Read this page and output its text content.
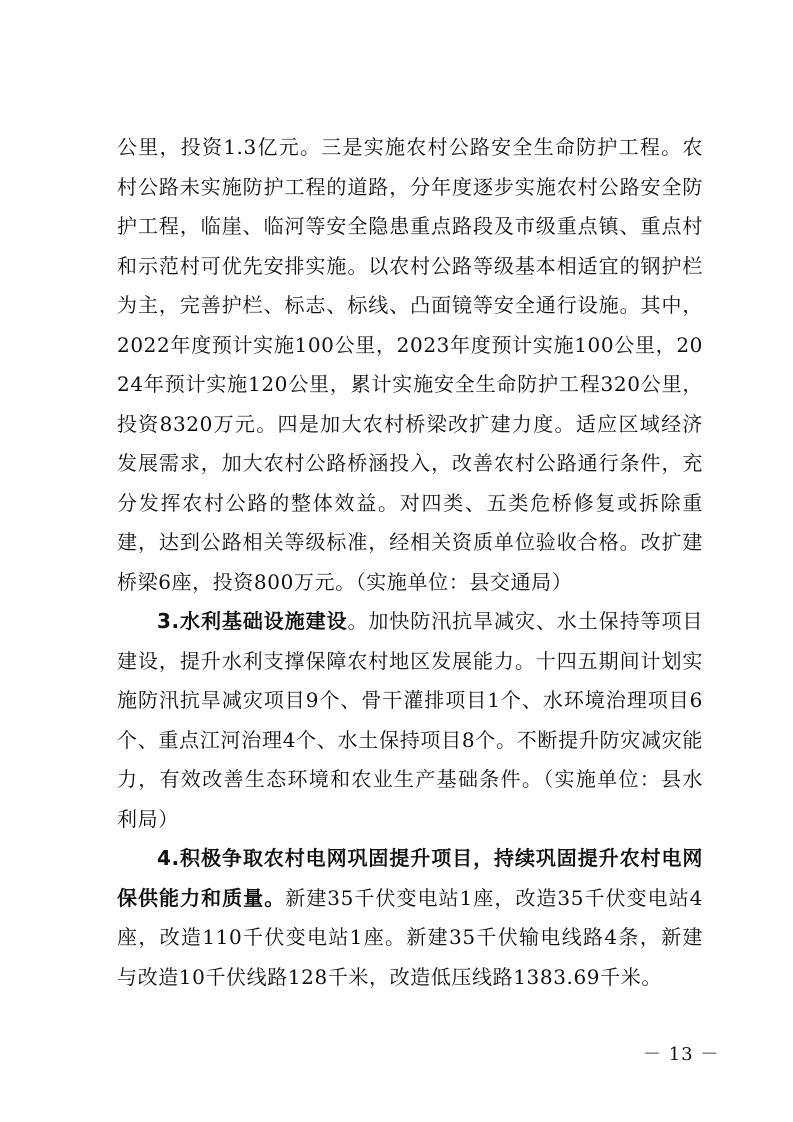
公里，投资1.3亿元。三是实施农村公路安全生命防护工程。农村公路未实施防护工程的道路，分年度逐步实施农村公路安全防护工程，临崖、临河等安全隐患重点路段及市级重点镇、重点村和示范村可优先安排实施。以农村公路等级基本相适宜的钢护栏为主，完善护栏、标志、标线、凸面镜等安全通行设施。其中，2022年度预计实施100公里，2023年度预计实施100公里，2024年预计实施120公里，累计实施安全生命防护工程320公里，投资8320万元。四是加大农村桥梁改扩建力度。适应区域经济发展需求，加大农村公路桥涵投入，改善农村公路通行条件，充分发挥农村公路的整体效益。对四类、五类危桥修复或拆除重建，达到公路相关等级标准，经相关资质单位验收合格。改扩建桥梁6座，投资800万元。（实施单位：县交通局）

3.水利基础设施建设。加快防汛抗旱减灾、水土保持等项目建设，提升水利支撑保障农村地区发展能力。十四五期间计划实施防汛抗旱减灾项目9个、骨干灌排项目1个、水环境治理项目6个、重点江河治理4个、水土保持项目8个。不断提升防灾减灾能力，有效改善生态环境和农业生产基础条件。（实施单位：县水利局）

4.积极争取农村电网巩固提升项目，持续巩固提升农村电网保供能力和质量。新建35千伏变电站1座，改造35千伏变电站4座，改造110千伏变电站1座。新建35千伏输电线路4条，新建与改造10千伏线路128千米，改造低压线路1383.69千米。

－ 13 －
